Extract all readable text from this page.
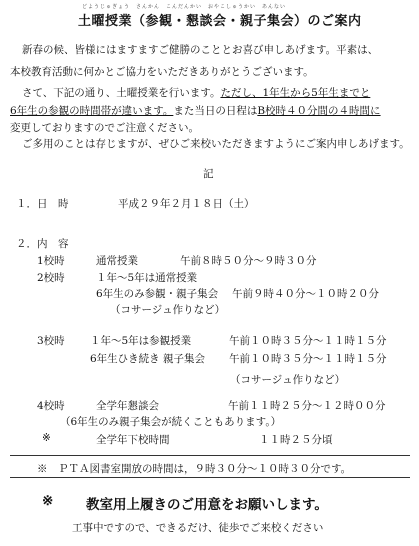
どようじゅぎょう　さんかん　こんだんかい　おやこしゅうかい　あんない
土曜授業（参観・懇談会・親子集会）のご案内
新春の候、皆様にはますますご健勝のこととお喜び申しあげます。平素は、
本校教育活動に何かとご協力をいただきありがとうございます。
さて、下記の通り、土曜授業を行います。ただし、1年生から5年生までと
6年生の参観の時間帯が違います。また当日の日程はB校時４０分間の４時間に
変更しておりますのでご注意ください。
ご多用のことは存じますが、ぜひご来校いただきますようにご案内申しあげます。
記
１．日　時	平成２９年２月１８日（土）
２．内　容
1校時	通常授業	午前８時５０分～９時３０分
2校時	１年～5年は通常授業
6年生のみ参観・親子集会 午前９時４０分～１０時２０分
（コサージュ作りなど）
3校時 １年～5年は参観授業	午前１０時３５分～１１時１５分
6年生ひき続き 親子集会 午前１０時３５分～１１時１５分
（コサージュ作りなど）
4校時	全学年懇談会	午前１１時２５分～１２時００分
（6年生のみ親子集会が続くこともあります。）
※	全学年下校時間	１１時２５分頃
※　ＰＴＡ図書室開放の時間は，９時３０分～１０時３０分です。
※ 教室用上履きのご用意をお願いします。
工事中ですので、できるだけ、徒歩でご来校ください
